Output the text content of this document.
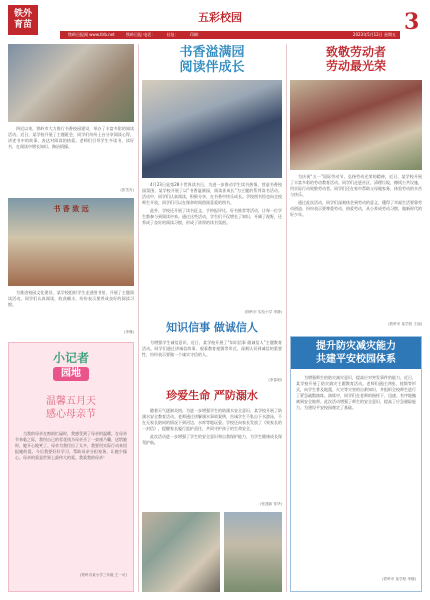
铁外
育苗
五彩校园	3
铁岭日报网 www.tlrb.net	铁岭日报 电话：	社址：	印刷：	2023年5月12日 星期五

四近以来，铁岭市大力推行书香校园建设，举办了丰富多彩的阅读活动。近日，某学校开展了主题班会，同学们纷纷上台分享阅读心得，讲述书中的故事，表达对阅读的热爱。老师们引导学生多读书、读好书，在阅读中增长知识、陶冶情操。

(张雪舟)
书 香 致 远

为推进校园文化建设，某学校组织学生走进图书馆，开展了主题阅读活动。同学们认真阅读，收获颇丰，纷纷表示要养成良好的阅读习惯。

(李瑾)
小记者
园地
温馨五月天
感心母亲节

当我的母亲在窗前忙碌时，我感受到了母亲的温暖。在母亲节来临之际，我用自己的零花钱为母亲买了一束康乃馨，送给她时，她开心地笑了。母亲为我付出了太多，我要用实际行动来回报她的爱。今后我要好好学习，帮助母亲分担家务，让她少操心。母亲的爱是世界上最伟大的爱。我爱我的母亲！

(铁岭市某小学三年级 王一可)
书香溢满园
阅读伴成长

4月23日是第28个世界读书日，为进一步推动学生读书热情，营造书香校园氛围，某学校开展了以“书香溢满园，阅读伴成长”为主题的系列读书活动。活动中，同学们认真阅读，积极分享，在书香中快乐成长。学校图书馆也向全校师生开放，同学们可以在课余时间借阅喜爱的图书。

此外，学校还开展了读书征文、手抄报评比、好书推荐等活动，让每一位学生都参与到阅读中来。通过这些活动，学生们不仅增长了知识，开阔了视野，还养成了良好的阅读习惯，形成了浓厚的读书氛围。

(铁岭市 实验小学 李静)
知识信事 做诚信人

为增强学生诚信意识，近日，某学校开展了“知识信事 做诚信人”主题教育活动。同学们通过讲诚信故事、观看教育视频等形式，深刻认识到诚信的重要性，纷纷表示要做一个诚实守信的人。

(李春明)
珍爱生命 严防溺水

随着天气逐渐炎热，为进一步增强学生的防溺水安全意识，某学校开展了防溺水安全教育活动。老师通过讲解溺水事故案例，告诫学生不私自下水游泳，不在无家长陪同的情况下到河边、水库等地玩耍。学校还向家长发放了《致家长的一封信》，提醒家长履行监护责任，共同守护孩子的生命安全。

此次活动进一步增强了学生的安全意识和自我保护能力，为学生健康成长保驾护航。

(张建新 常华)
致敬劳动者
劳动最光荣

为庆祝“五一”国际劳动节，弘扬劳动光荣的精神，近日，某学校开展了丰富多彩的劳动教育活动。同学们走进社区，清理垃圾，擦拭公共设施，用实际行动致敬劳动者。同学们还在家中帮助父母做家务，体验劳动的辛苦与快乐。

通过此次活动，同学们深刻体会到劳动的意义，懂得了幸福生活要靠劳动创造，纷纷表示要尊重劳动、热爱劳动，从小养成劳动习惯，做新时代的好少年。

(铁岭市 某学校 王丽)
提升防灾减灾能力
共建平安校园体系

为增强师生的防灾减灾意识，提高应对突发事件的能力，近日，某学校开展了防灾减灾主题教育活动。老师们通过讲座、视频等形式，向学生普及地震、火灾等灾害的自救知识，并组织全校师生进行了紧急疏散演练。演练中，同学们在老师的指挥下，迅速、有序地撤离到安全地带。此次活动增强了师生的安全意识，提高了应急避险能力，为建设平安校园奠定了基础。

(铁岭市 某学校 李娜)
